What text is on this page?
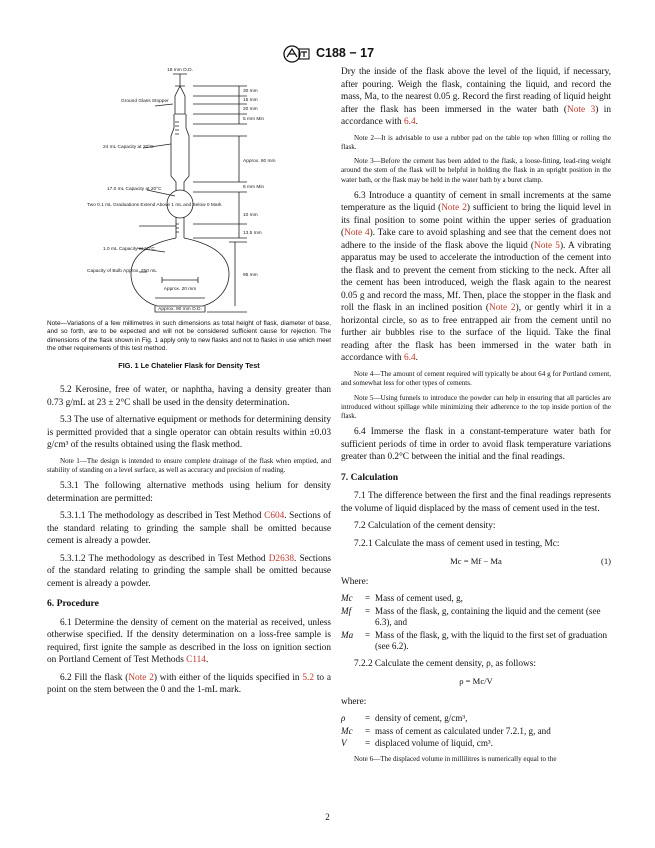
C188 − 17
18 mm O.D.
Ground Glass Stopper
30 mm
15 mm
20 mm
5 mm Min
24 mL Capacity at 20°C
Approx. 60 mm
8 mm Min
17.0 mL Capacity at 20°C
10 mm
Two 0.1 mL Graduations Extend Above 1 mL and Below 0 Mark
13.5 mm
1.0 mL Capacity at 20°C
95 mm
Capacity of Bulb Approx. 250 mL
Approx. 20 mm
Approx. 90 mm O.D.
Note—Variations of a few millimetres in such dimensions as total height of flask, diameter of base, and so forth, are to be expected and will not be considered sufficient cause for rejection. The dimensions of the flask shown in Fig. 1 apply only to new flasks and not to flasks in use which meet the other requirements of this test method.
FIG. 1 Le Chatelier Flask for Density Test

5.2 Kerosine, free of water, or naphtha, having a density greater than 0.73 g/mL at 23 ± 2°C shall be used in the density determination.

5.3 The use of alternative equipment or methods for determining density is permitted provided that a single operator can obtain results within ±0.03 g/cm³ of the results obtained using the flask method.

Note 1—The design is intended to ensure complete drainage of the flask when emptied, and stability of standing on a level surface, as well as accuracy and precision of reading.

5.3.1 The following alternative methods using helium for density determination are permitted:

5.3.1.1 The methodology as described in Test Method C604. Sections of the standard relating to grinding the sample shall be omitted because cement is already a powder.

5.3.1.2 The methodology as described in Test Method D2638. Sections of the standard relating to grinding the sample shall be omitted because cement is already a powder.

6. Procedure

6.1 Determine the density of cement on the material as received, unless otherwise specified. If the density determination on a loss-free sample is required, first ignite the sample as described in the loss on ignition section on Portland Cement of Test Methods C114.

6.2 Fill the flask (Note 2) with either of the liquids specified in 5.2 to a point on the stem between the 0 and the 1-mL mark.

Dry the inside of the flask above the level of the liquid, if necessary, after pouring. Weigh the flask, containing the liquid, and record the mass, Ma, to the nearest 0.05 g. Record the first reading of liquid height after the flask has been immersed in the water bath (Note 3) in accordance with 6.4.

Note 2—It is advisable to use a rubber pad on the table top when filling or rolling the flask.
Note 3—Before the cement has been added to the flask, a loose-fitting, lead-ring weight around the stem of the flask will be helpful in holding the flask in an upright position in the water bath, or the flask may be held in the water bath by a buret clamp.

6.3 Introduce a quantity of cement in small increments at the same temperature as the liquid (Note 2) sufficient to bring the liquid level in its final position to some point within the upper series of graduation (Note 4). Take care to avoid splashing and see that the cement does not adhere to the inside of the flask above the liquid (Note 5). A vibrating apparatus may be used to accelerate the introduction of the cement into the flask and to prevent the cement from sticking to the neck. After all the cement has been introduced, weigh the flask again to the nearest 0.05 g and record the mass, Mf. Then, place the stopper in the flask and roll the flask in an inclined position (Note 2), or gently whirl it in a horizontal circle, so as to free entrapped air from the cement until no further air bubbles rise to the surface of the liquid. Take the final reading after the flask has been immersed in the water bath in accordance with 6.4.

Note 4—The amount of cement required will typically be about 64 g for Portland cement, and somewhat less for other types of cements.
Note 5—Using funnels to introduce the powder can help in ensuring that all particles are introduced without spillage while minimizing their adherence to the top inside portion of the flask.

6.4 Immerse the flask in a constant-temperature water bath for sufficient periods of time in order to avoid flask temperature variations greater than 0.2°C between the initial and the final readings.

7. Calculation

7.1 The difference between the first and the final readings represents the volume of liquid displaced by the mass of cement used in the test.

7.2 Calculation of the cement density:

7.2.1 Calculate the mass of cement used in testing, Mc:

Mc = Mf − Ma	(1)

Where:

Mc	= Mass of cement used, g,
Mf	= Mass of the flask, g, containing the liquid and the cement (see 6.3), and
Ma	= Mass of the flask, g, with the liquid to the first set of graduation (see 6.2).

7.2.2 Calculate the cement density, ρ, as follows:

ρ = Mc/V

where:

ρ	= density of cement, g/cm³,
Mc	= mass of cement as calculated under 7.2.1, g, and
V	= displaced volume of liquid, cm³.
Note 6—The displaced volume in millilitres is numerically equal to the
2
